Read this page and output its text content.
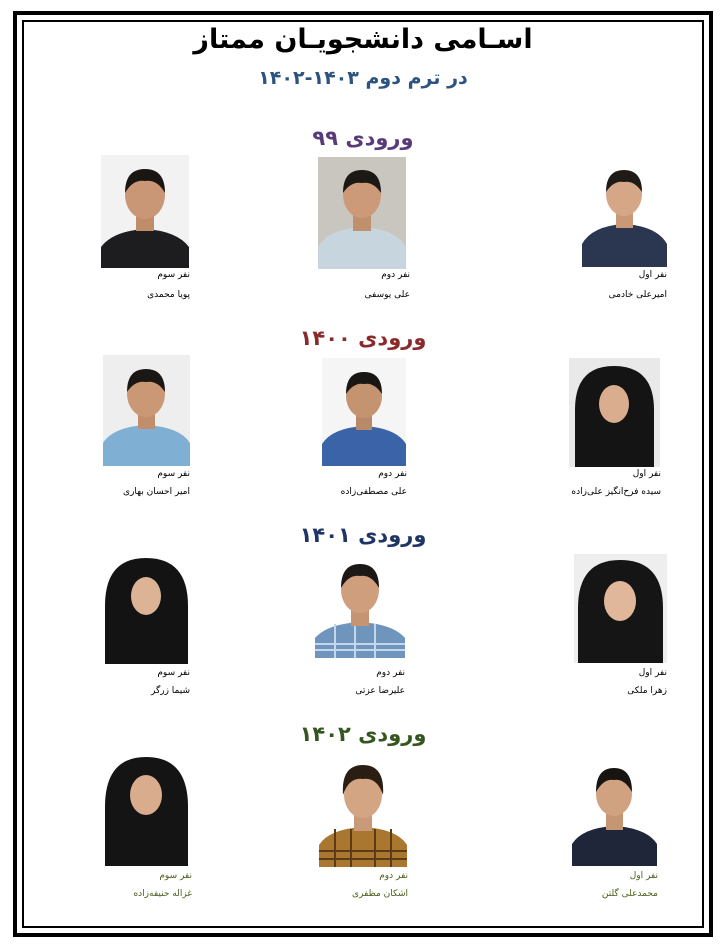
اسـامی دانشجویـان ممتاز
در ترم دوم ۱۴۰۳-۱۴۰۲
ورودی ۹۹
نفر اول
امیرعلی خادمی
نفر دوم
علی یوسفی
نفر سوم
پویا محمدی
ورودی ۱۴۰۰
نفر اول
سیده فرح‌انگیز علی‌زاده
نفر دوم
علی مصطفی‌زاده
نفر سوم
امیر احسان بهاری
ورودی ۱۴۰۱
نفر اول
زهرا ملکی
نفر دوم
علیرضا عزتی
نفر سوم
شیما زرگر
ورودی ۱۴۰۲
نفر اول
محمدعلی گلتن
نفر دوم
اشکان مظفری
نفر سوم
غزاله حنیفه‌زاده
